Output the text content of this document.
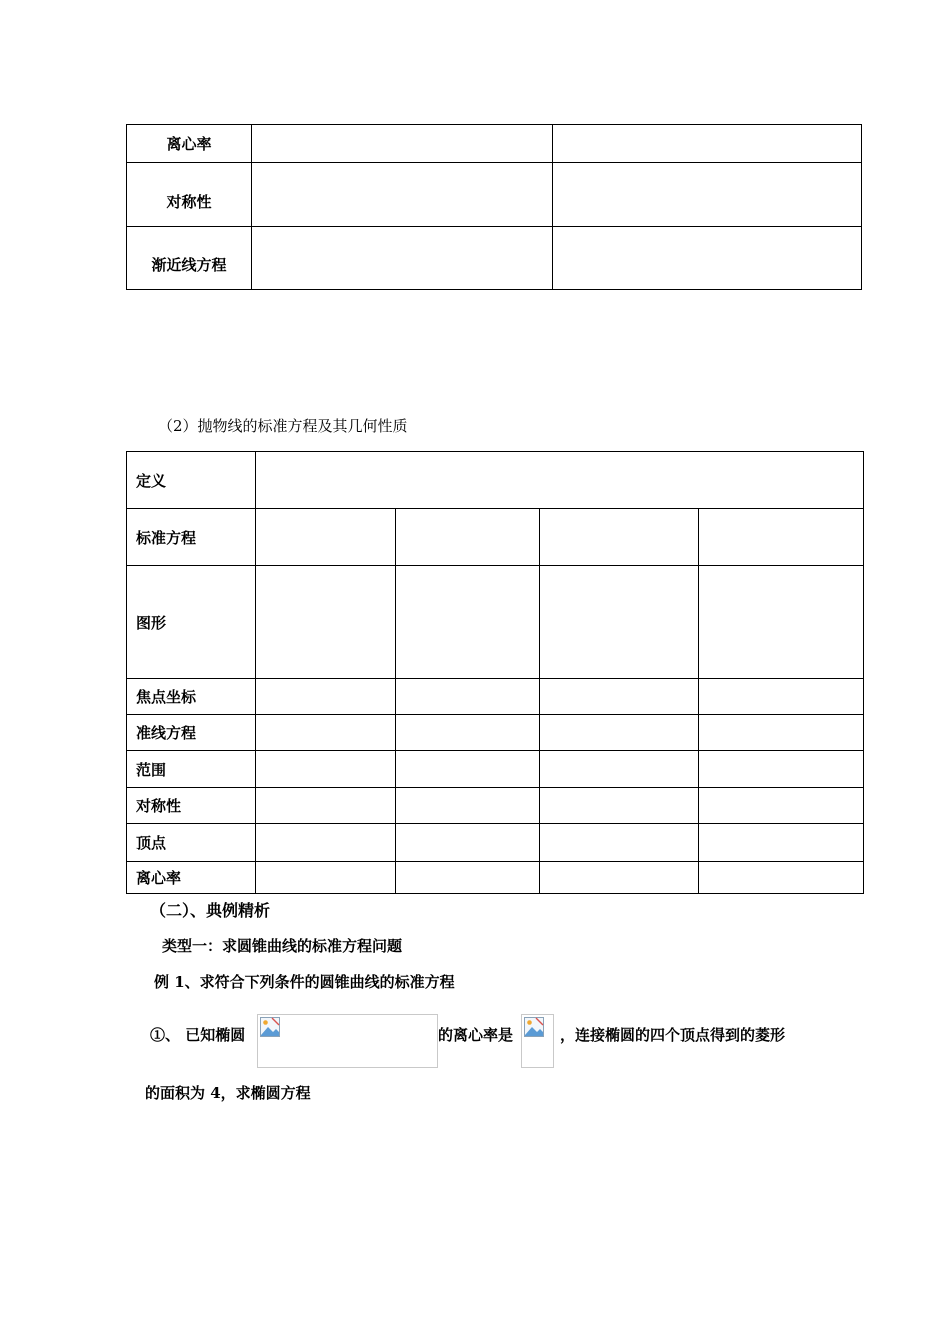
离心率		
对称性		
渐近线方程		
（2）抛物线的标准方程及其几何性质
定义				
标准方程				
图形				
焦点坐标				
准线方程				
范围				
对称性				
顶点				
离心率				
（二）、典例精析
类型一：求圆锥曲线的标准方程问题
例 1、求符合下列条件的圆锥曲线的标准方程
①、 已知椭圆	的离心率是	，连接椭圆的四个顶点得到的菱形
的面积为 4，求椭圆方程
